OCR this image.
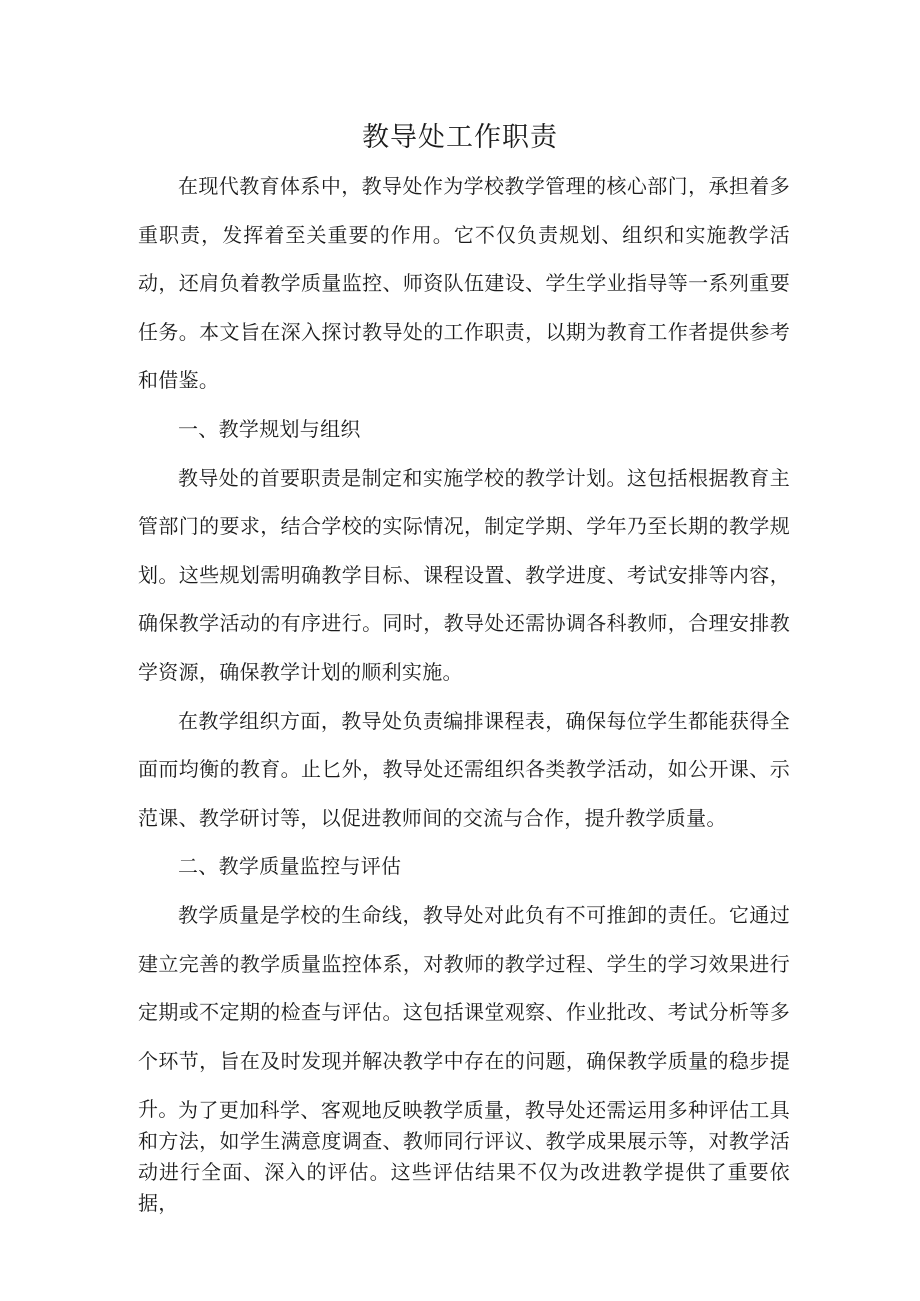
教导处工作职责

在现代教育体系中，教导处作为学校教学管理的核心部门，承担着多重职责，发挥着至关重要的作用。它不仅负责规划、组织和实施教学活动，还肩负着教学质量监控、师资队伍建设、学生学业指导等一系列重要任务。本文旨在深入探讨教导处的工作职责，以期为教育工作者提供参考和借鉴。

一、教学规划与组织

教导处的首要职责是制定和实施学校的教学计划。这包括根据教育主管部门的要求，结合学校的实际情况，制定学期、学年乃至长期的教学规划。这些规划需明确教学目标、课程设置、教学进度、考试安排等内容，确保教学活动的有序进行。同时，教导处还需协调各科教师，合理安排教学资源，确保教学计划的顺利实施。

在教学组织方面，教导处负责编排课程表，确保每位学生都能获得全面而均衡的教育。止匕外，教导处还需组织各类教学活动，如公开课、示范课、教学研讨等，以促进教师间的交流与合作，提升教学质量。

二、教学质量监控与评估

教学质量是学校的生命线，教导处对此负有不可推卸的责任。它通过建立完善的教学质量监控体系，对教师的教学过程、学生的学习效果进行定期或不定期的检查与评估。这包括课堂观察、作业批改、考试分析等多个环节，旨在及时发现并解决教学中存在的问题，确保教学质量的稳步提升。 为了更加科学、客观地反映教学质量，教导处还需运用多种评估工具和方法，如学生满意度调查、教师同行评议、教学成果展示等，对教学活动进行全面、深入的评估。这些评估结果不仅为改进教学提供了重要依据，
